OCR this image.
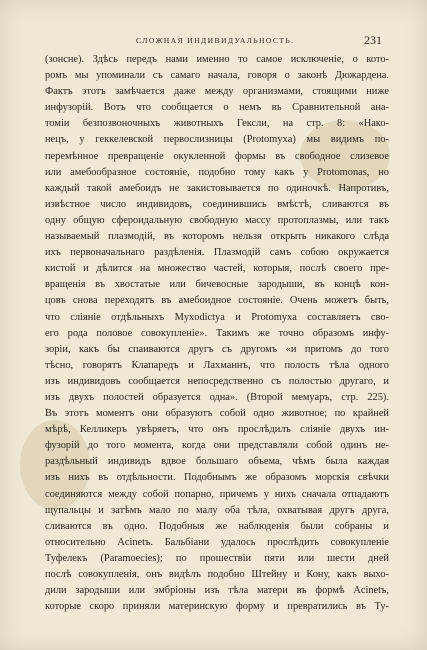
СЛОЖНАЯ ИНДИВИДУАЛЬНОСТЬ.	231
(зонсне). Здѣсь передъ нами именно то самое исключеніе, о кото-
ромъ мы упоминали съ самаго начала, говоря о законѣ Дюжардена.
Фактъ этотъ замѣчается даже между организмами, стоящими ниже
инфузорій. Вотъ что сообщается о немъ въ Сравнительной ана-
томіи безпозвоночныхъ животныхъ Гексли, на стр. 8: «Нако-
нецъ, у геккелевской первослизницы (Protomyxa) мы видимъ по-
перемѣнное превращеніе окукленной формы въ свободное слизевое
или амебообразное состояніе, подобно тому какъ у Protomonas, но
каждый такой амебоидъ не закистовывается по одиночкѣ. Напротивъ,
извѣстное число индивидовъ, соединившись вмѣстѣ, сливаются въ
одну общую сфероидальную свободную массу протоплазмы, или такъ
называемый плазмодій, въ которомъ нельзя открыть никакого слѣда
ихъ первоначальнаго раздѣленія. Плазмодій самъ собою окружается
кистой и дѣлится на множество частей, которыя, послѣ своего пре-
вращенія въ хвостатые или бичевосные зародыши, въ концѣ кон-
цовъ снова переходятъ въ амебоидное состояніе. Очень можетъ быть,
что сліяніе отдѣльныхъ Myxodictya и Protomyxa составляетъ сво-
его рода половое совокупленіе». Такимъ же точно образомъ инфу-
зоріи, какъ бы спаиваются другъ съ другомъ «и притомъ до того
тѣсно, говорятъ Клапаредъ и Лахманнъ, что полость тѣла одного
изъ индивидовъ сообщается непосредственно съ полостью другаго, и
изъ двухъ полостей образуется одна». (Второй мемуаръ, стр. 225).
Въ этотъ моментъ они образуютъ собой одно животное; по крайней
мѣрѣ, Келликеръ увѣряетъ, что онъ прослѣдилъ сліяніе двухъ ин-
фузорій до того момента, когда они представляли собой одинъ не-
раздѣльный индивидъ вдвое большаго объема, чѣмъ была каждая
изъ нихъ въ отдѣльности. Подобнымъ же образомъ морскія свѣчки
соединяются между собой попарно, причемъ у нихъ сначала отпадаютъ
щупальцы и затѣмъ мало по малу оба тѣла, охватывая другъ друга,
сливаются въ одно. Подобныя же наблюденія были собраны и
относительно Acinetъ. Бальбіани удалось прослѣдить совокупленіе
Туфелекъ (Paramoecies); по прошествіи пяти или шести дней
послѣ совокупленія, онъ видѣлъ подобно Штейну и Кону, какъ выхо-
дили зародыши или эмбріоны изъ тѣла матери въ формѣ Acinetъ,
которые скоро приняли материнскую форму и превратились въ Ту-
